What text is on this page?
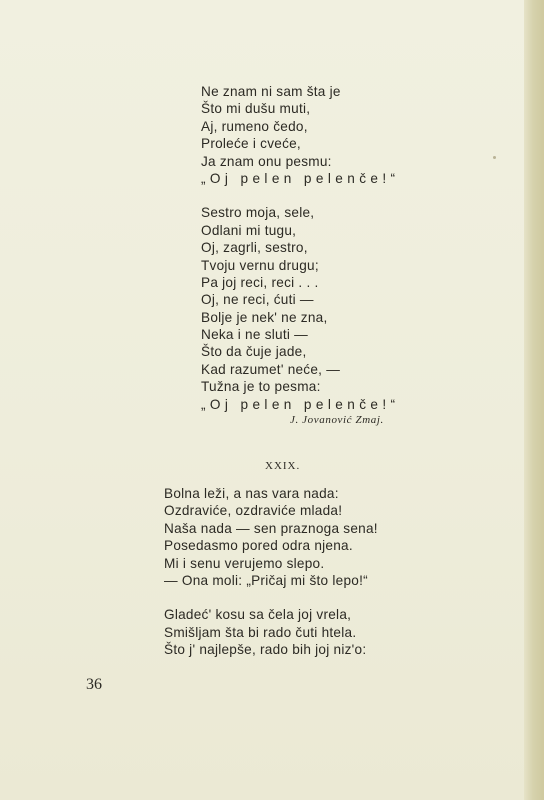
Ne znam ni sam šta je
Što mi dušu muti,
Aj, rumeno čedo,
Proleće i cveće,
Ja znam onu pesmu:
„Oj pelen pelenče!“
Sestro moja, sele,
Odlani mi tugu,
Oj, zagrli, sestro,
Tvoju vernu drugu;
Pa joj reci, reci . . .
Oj, ne reci, ćuti —
Bolje je nek' ne zna,
Neka i ne sluti —
Što da čuje jade,
Kad razumet' neće, —
Tužna je to pesma:
„Oj pelen pelenče!“
J. Jovanović Zmaj.
XXIX.
Bolna leži, a nas vara nada:
Ozdraviće, ozdraviće mlada!
Naša nada — sen praznoga sena!
Posedasmo pored odra njena.
Mi i senu verujemo slepo.
— Ona moli: „Pričaj mi što lepo!“
Gladeć' kosu sa čela joj vrela,
Smišljam šta bi rado čuti htela.
Što j' najlepše, rado bih joj niz'o:
36
